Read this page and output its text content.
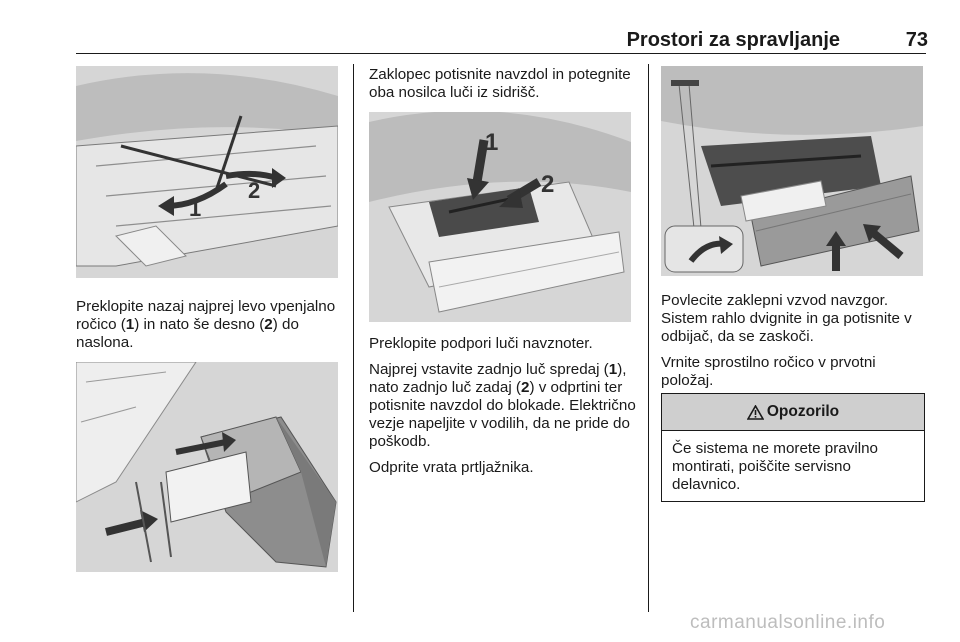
Prostori za spravljanje	73
1
2
Preklopite nazaj najprej levo vpenjalno ročico (1) in nato še desno (2) do naslona.
Zaklopec potisnite navzdol in potegnite oba nosilca luči iz sidrišč.
1
2

Preklopite podpori luči navznoter.

Najprej vstavite zadnjo luč spredaj (1), nato zadnjo luč zadaj (2) v odprtini ter potisnite navzdol do blokade. Električno vezje napeljite v vodilih, da ne pride do poškodb.

Odprite vrata prtljažnika.

Povlecite zaklepni vzvod navzgor. Sistem rahlo dvignite in ga potisnite v odbijač, da se zaskoči.

Vrnite sprostilno ročico v prvotni položaj.

Opozorilo
Če sistema ne morete pravilno montirati, poiščite servisno delavnico.
carmanualsonline.info
